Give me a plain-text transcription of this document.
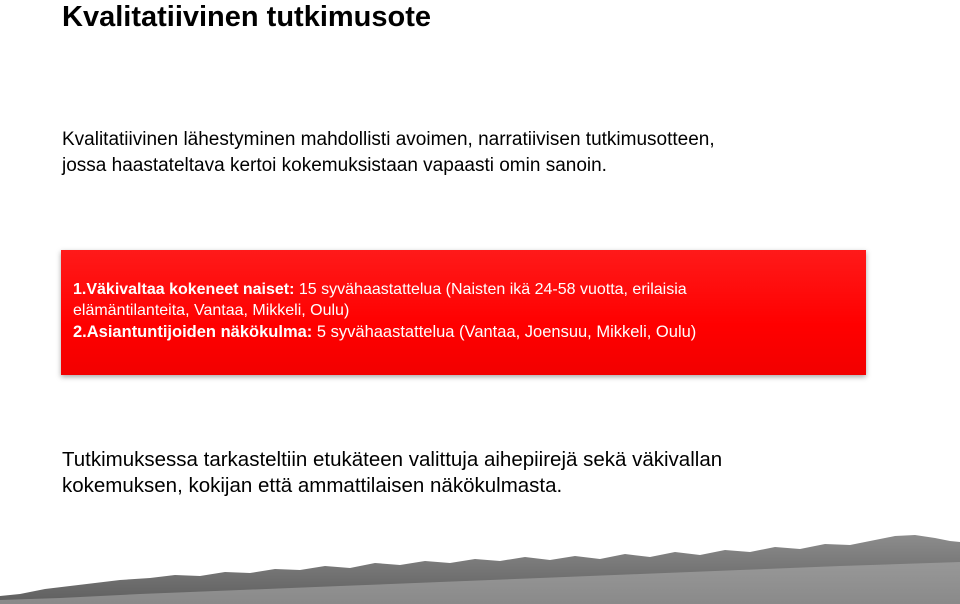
Kvalitatiivinen tutkimusote
Kvalitatiivinen lähestyminen mahdollisti avoimen, narratiivisen tutkimusotteen, jossa haastateltava kertoi kokemuksistaan vapaasti omin sanoin.
1.Väkivaltaa kokeneet naiset: 15 syvähaastattelua (Naisten ikä 24-58 vuotta, erilaisia
elämäntilanteita, Vantaa, Mikkeli, Oulu)
2.Asiantuntijoiden näkökulma: 5 syvähaastattelua (Vantaa, Joensuu, Mikkeli, Oulu)
Tutkimuksessa tarkasteltiin etukäteen valittuja aihepiirejä sekä väkivallan kokemuksen, kokijan että ammattilaisen näkökulmasta.
